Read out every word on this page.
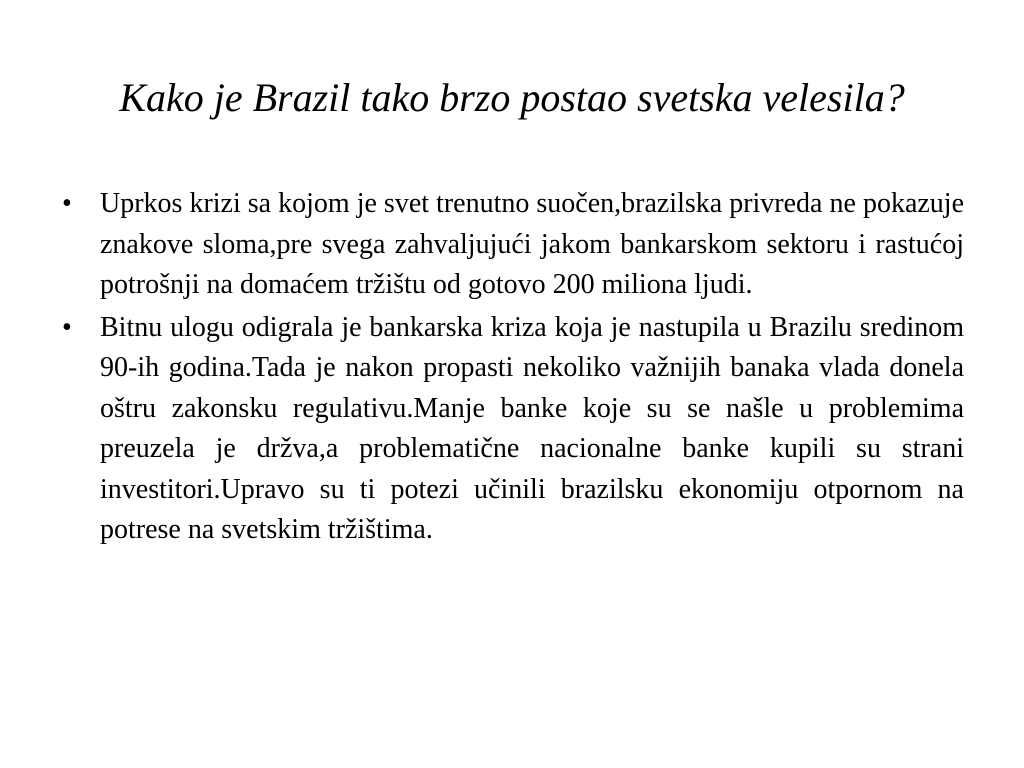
Kako je Brazil tako brzo postao svetska velesila?
•	Uprkos krizi sa kojom je svet trenutno suočen,brazilska privreda ne pokazuje znakove sloma,pre svega zahvaljujući jakom bankarskom sektoru i rastućoj potrošnji na domaćem tržištu od gotovo 200 miliona ljudi.
•	Bitnu ulogu odigrala je bankarska kriza koja je nastupila u Brazilu sredinom 90-ih godina.Tada je nakon propasti nekoliko važnijih banaka vlada donela oštru zakonsku regulativu.Manje banke koje su se našle u problemima preuzela je držva,a problematične nacionalne banke kupili su strani investitori.Upravo su ti potezi učinili brazilsku ekonomiju otpornom na potrese na svetskim tržištima.
